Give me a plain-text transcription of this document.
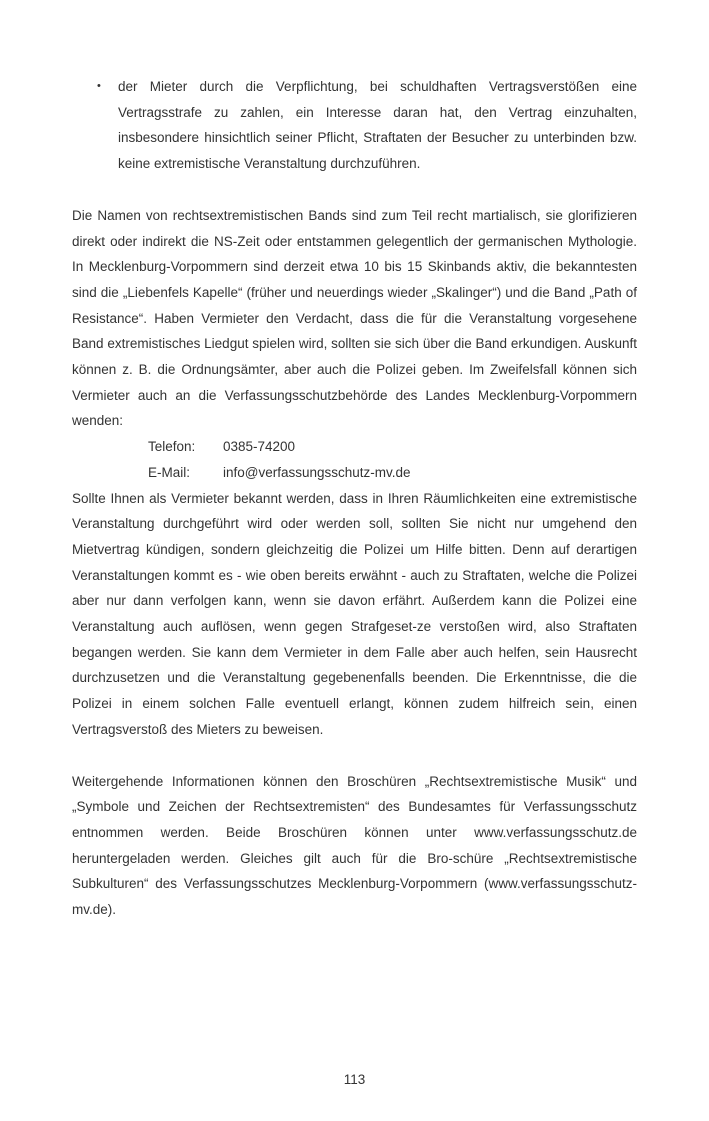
•	der Mieter durch die Verpflichtung, bei schuldhaften Vertragsverstößen eine Vertragsstrafe zu zahlen, ein Interesse daran hat, den Vertrag einzuhalten, insbesondere hinsichtlich seiner Pflicht, Straftaten der Besucher zu unterbinden bzw. keine extremistische Veranstaltung durchzuführen.

Die Namen von rechtsextremistischen Bands sind zum Teil recht martialisch, sie glorifizieren direkt oder indirekt die NS-Zeit oder entstammen gelegentlich der germanischen Mythologie. In Mecklenburg-Vorpommern sind derzeit etwa 10 bis 15 Skinbands aktiv, die bekanntesten sind die „Liebenfels Kapelle“ (früher und neuerdings wieder „Skalinger“) und die Band „Path of Resistance“. Haben Vermieter den Verdacht, dass die für die Veranstaltung vorgesehene Band extremistisches Liedgut spielen wird, sollten sie sich über die Band erkundigen. Auskunft können z. B. die Ordnungsämter, aber auch die Polizei geben. Im Zweifelsfall können sich Vermieter auch an die Verfassungsschutzbehörde des Landes Mecklenburg-Vorpommern wenden:

Telefon: 0385-74200
E-Mail: info@verfassungsschutz-mv.de

Sollte Ihnen als Vermieter bekannt werden, dass in Ihren Räumlichkeiten eine extremistische Veranstaltung durchgeführt wird oder werden soll, sollten Sie nicht nur umgehend den Mietvertrag kündigen, sondern gleichzeitig die Polizei um Hilfe bitten. Denn auf derartigen Veranstaltungen kommt es - wie oben bereits erwähnt - auch zu Straftaten, welche die Polizei aber nur dann verfolgen kann, wenn sie davon erfährt. Außerdem kann die Polizei eine Veranstaltung auch auflösen, wenn gegen Strafgeset-ze verstoßen wird, also Straftaten begangen werden. Sie kann dem Vermieter in dem Falle aber auch helfen, sein Hausrecht durchzusetzen und die Veranstaltung gegebenenfalls beenden. Die Erkenntnisse, die die Polizei in einem solchen Falle eventuell erlangt, können zudem hilfreich sein, einen Vertragsverstoß des Mieters zu beweisen.

Weitergehende Informationen können den Broschüren „Rechtsextremistische Musik“ und „Symbole und Zeichen der Rechtsextremisten“ des Bundesamtes für Verfassungsschutz entnommen werden. Beide Broschüren können unter www.verfassungsschutz.de heruntergeladen werden. Gleiches gilt auch für die Bro-schüre „Rechtsextremistische Subkulturen“ des Verfassungsschutzes Mecklenburg-Vorpommern (www.verfassungsschutz-mv.de).

113
